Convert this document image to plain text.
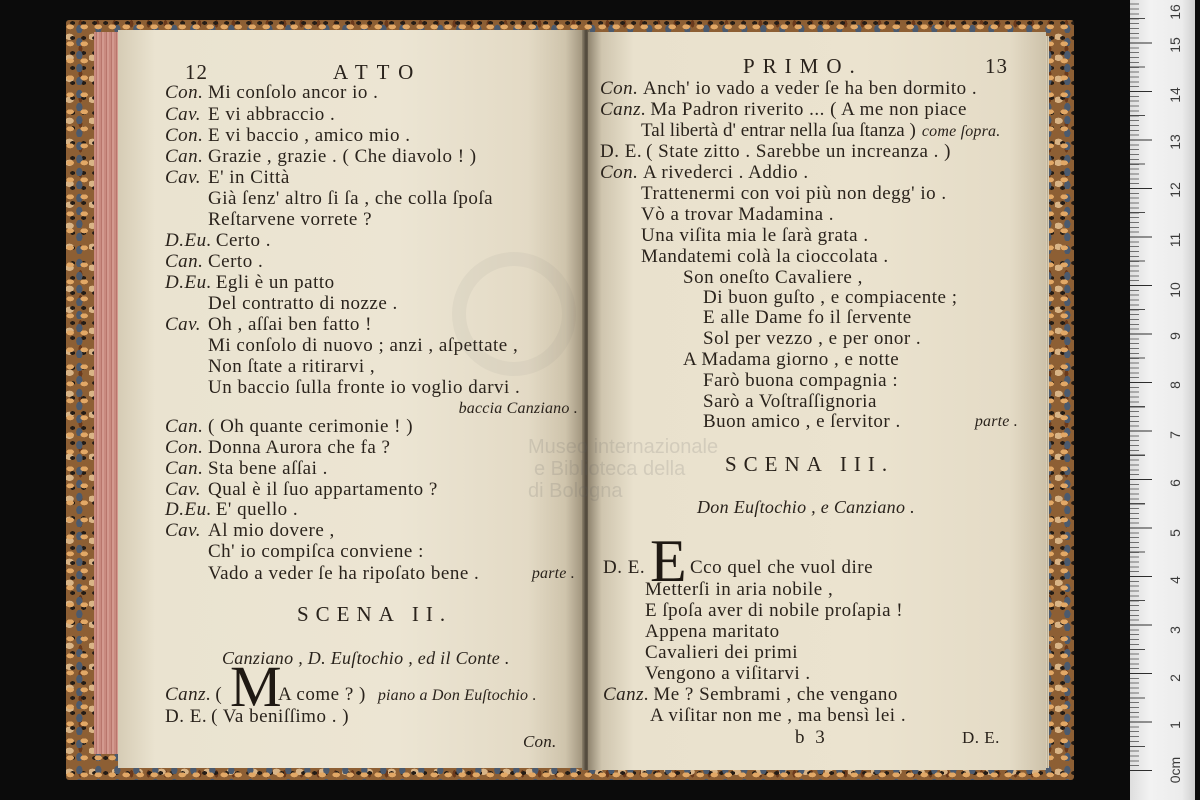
12	ATTO
Con. Mi conſolo ancor io .
Cav. E vi abbraccio .
Con. E vi baccio , amico mio .
Can. Grazie , grazie . ( Che diavolo ! )
Cav. E' in Città
Già ſenz' altro ſi ſa , che colla ſpoſa
Reſtarvene vorrete ?
D.Eu. Certo .
Can. Certo .
D.Eu. Egli è un patto
Del contratto di nozze .
Cav. Oh , aſſai ben fatto !
Mi conſolo di nuovo ; anzi , aſpettate ,
Non ſtate a ritirarvi ,
Un baccio ſulla fronte io voglio darvi .
baccia Canziano .
Can. ( Oh quante cerimonie ! )
Con. Donna Aurora che fa ?
Can. Sta bene aſſai .
Cav. Qual è il ſuo appartamento ?
D.Eu. E' quello .
Cav. Al mio dovere ,
Ch' io compiſca conviene :
Vado a veder ſe ha ripoſato bene .	parte .
SCENA II.
Canziano , D. Euſtochio , ed il Conte .
Canz. ( M
A come ? ) piano a Don Euſtochio .
D. E. ( Va beniſſimo . )
Con.
PRIMO.	13
Con. Anch' io vado a veder ſe ha ben dormito .
Canz. Ma Padron riverito ... ( A me non piace
Tal libertà d' entrar nella ſua ſtanza ) come ſopra.
D. E. ( State zitto . Sarebbe un increanza . )
Con. A rivederci . Addio .
Trattenermi con voi più non degg' io .
Vò a trovar Madamina .
Una viſita mia le ſarà grata .
Mandatemi colà la cioccolata .
Son oneſto Cavaliere ,
Di buon guſto , e compiacente ;
E alle Dame fo il ſervente
Sol per vezzo , e per onor .
A Madama giorno , e notte
Farò buona compagnia :
Sarò a Voſtraſſignoria
Buon amico , e ſervitor .	parte .
SCENA III.
Don Euſtochio , e Canziano .
D. E. E Cco quel che vuol dire
Metterſi in aria nobile ,
E ſpoſa aver di nobile proſapia !
Appena maritato
Cavalieri dei primi
Vengono a viſitarvi .
Canz. Me ? Sembrami , che vengano
A viſitar non me , ma bensì lei .
b 3	D. E.
Museo internazionale
e Biblioteca della
di Bologna
0cm
1
2
3
4
5
6
7
8
9
10
11
12
13
14
15
16
